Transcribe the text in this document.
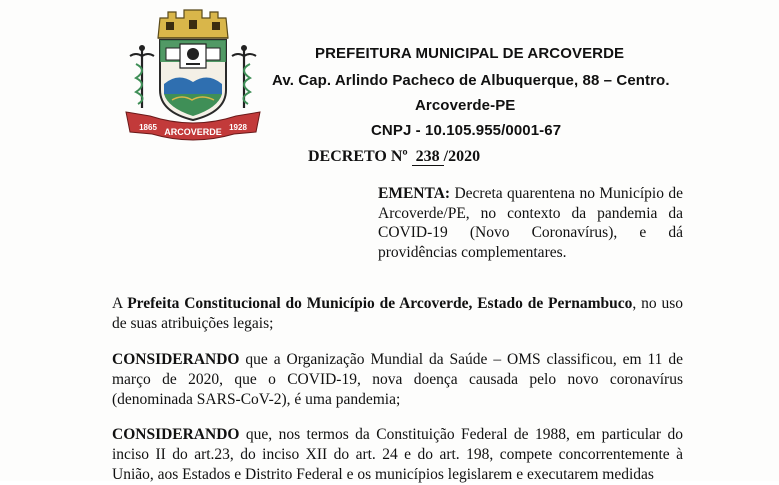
1865 ARCOVERDE 1928
PREFEITURA MUNICIPAL DE ARCOVERDE
Av. Cap. Arlindo Pacheco de Albuquerque, 88 – Centro.
Arcoverde-PE
CNPJ - 10.105.955/0001-67
DECRETO Nº 238 /2020
EMENTA: Decreta quarentena no Município de Arcoverde/PE, no contexto da pandemia da COVID-19 (Novo Coronavírus), e dá providências complementares.
A Prefeita Constitucional do Município de Arcoverde, Estado de Pernambuco, no uso de suas atribuições legais;
CONSIDERANDO que a Organização Mundial da Saúde – OMS classificou, em 11 de março de 2020, que o COVID-19, nova doença causada pelo novo coronavírus (denominada SARS-CoV-2), é uma pandemia;
CONSIDERANDO que, nos termos da Constituição Federal de 1988, em particular do inciso II do art.23, do inciso XII do art. 24 e do art. 198, compete concorrentemente à União, aos Estados e Distrito Federal e os municípios legislarem e executarem medidas
